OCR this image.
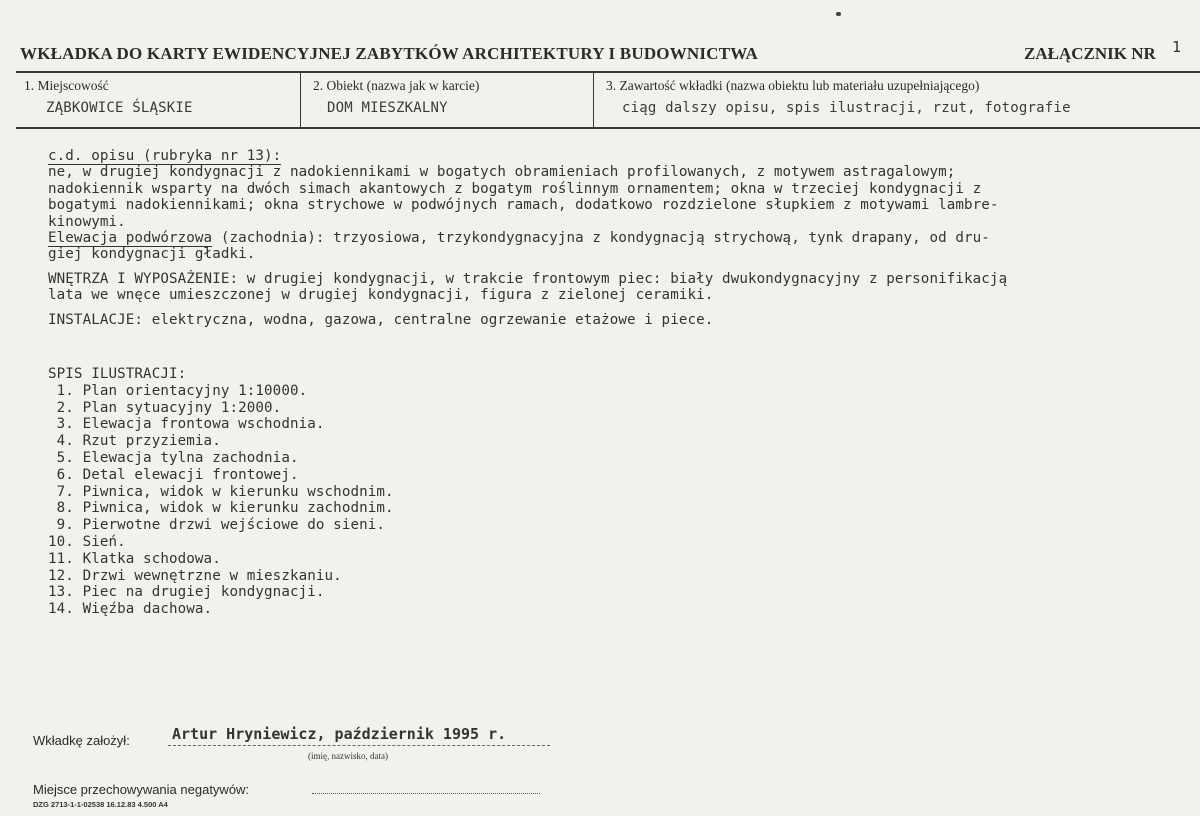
WKŁADKA DO KARTY EWIDENCYJNEJ ZABYTKÓW ARCHITEKTURY I BUDOWNICTWA	ZAŁĄCZNIK NR 1
1. Miejscowość
ZĄBKOWICE ŚLĄSKIE
2. Obiekt (nazwa jak w karcie)
DOM MIESZKALNY
3. Zawartość wkładki (nazwa obiektu lub materiału uzupełniającego)
ciąg dalszy opisu, spis ilustracji, rzut, fotografie
c.d. opisu (rubryka nr 13):
ne, w drugiej kondygnacji z nadokiennikami w bogatych obramieniach profilowanych, z motywem astragalowym;
nadokiennik wsparty na dwóch simach akantowych z bogatym roślinnym ornamentem; okna w trzeciej kondygnacji z
bogatymi nadokiennikami; okna strychowe w podwójnych ramach, dodatkowo rozdzielone słupkiem z motywami lambre-
kinowymi.
Elewacja podwórzowa (zachodnia): trzyosiowa, trzykondygnacyjna z kondygnacją strychową, tynk drapany, od dru-
giej kondygnacji gładki.
WNĘTRZA I WYPOSAŻENIE: w drugiej kondygnacji, w trakcie frontowym piec: biały dwukondygnacyjny z personifikacją
lata we wnęce umieszczonej w drugiej kondygnacji, figura z zielonej ceramiki.
INSTALACJE: elektryczna, wodna, gazowa, centralne ogrzewanie etażowe i piece.
SPIS ILUSTRACJI:
1. Plan orientacyjny 1:10000.
2. Plan sytuacyjny 1:2000.
3. Elewacja frontowa wschodnia.
4. Rzut przyziemia.
5. Elewacja tylna zachodnia.
6. Detal elewacji frontowej.
7. Piwnica, widok w kierunku wschodnim.
8. Piwnica, widok w kierunku zachodnim.
9. Pierwotne drzwi wejściowe do sieni.
10. Sień.
11. Klatka schodowa.
12. Drzwi wewnętrzne w mieszkaniu.
13. Piec na drugiej kondygnacji.
14. Więźba dachowa.
Wkładkę założył:	Artur Hryniewicz, październik 1995 r.
(imię, nazwisko, data)
Miejsce przechowywania negatywów:
DZG 2713-1-1-02538 16.12.83 4.500 A4
